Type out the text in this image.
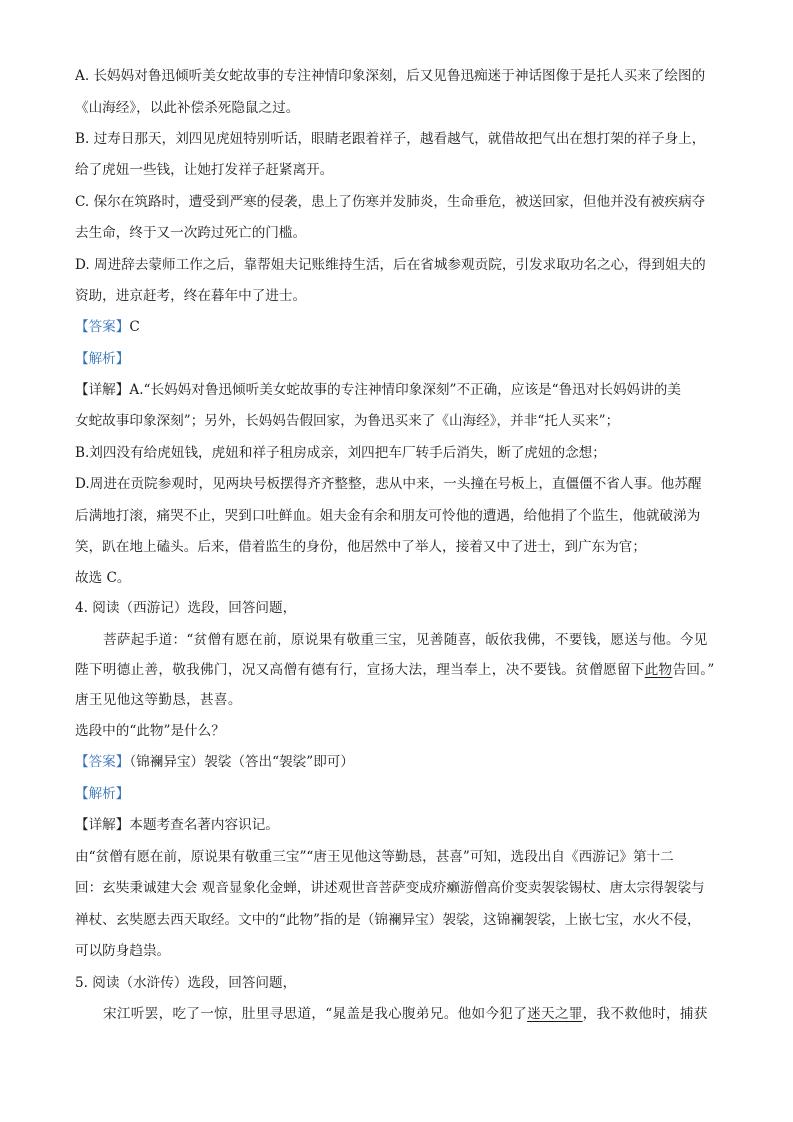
A. 长妈妈对鲁迅倾听美女蛇故事的专注神情印象深刻，后又见鲁迅痴迷于神话图像于是托人买来了绘图的
《山海经》，以此补偿杀死隐鼠之过。
B. 过寿日那天，刘四见虎妞特别听话，眼睛老跟着祥子，越看越气，就借故把气出在想打架的祥子身上，
给了虎妞一些钱，让她打发祥子赶紧离开。
C. 保尔在筑路时，遭受到严寒的侵袭，患上了伤寒并发肺炎，生命垂危，被送回家，但他并没有被疾病夺
去生命，终于又一次跨过死亡的门槛。
D. 周进辞去蒙师工作之后，靠帮姐夫记账维持生活，后在省城参观贡院，引发求取功名之心，得到姐夫的
资助，进京赶考，终在暮年中了进士。
【答案】C
【解析】
【详解】A.“长妈妈对鲁迅倾听美女蛇故事的专注神情印象深刻”不正确，应该是“鲁迅对长妈妈讲的美
女蛇故事印象深刻”；另外，长妈妈告假回家，为鲁迅买来了《山海经》，并非“托人买来”；
B.刘四没有给虎妞钱，虎妞和祥子租房成亲，刘四把车厂转手后消失，断了虎妞的念想；
D.周进在贡院参观时，见两块号板摆得齐齐整整，悲从中来，一头撞在号板上，直僵僵不省人事。他苏醒
后满地打滚，痛哭不止，哭到口吐鲜血。姐夫金有余和朋友可怜他的遭遇，给他捐了个监生，他就破涕为
笑，趴在地上磕头。后来，借着监生的身份，他居然中了举人，接着又中了进士，到广东为官；
故选 C。
4. 阅读（西游记）选段，回答问题，
菩萨起手道：“贫僧有愿在前，原说果有敬重三宝，见善随喜，皈依我佛，不要钱，愿送与他。今见
陛下明德止善，敬我佛门，况又高僧有德有行，宣扬大法，理当奉上，决不要钱。贫僧愿留下此物告回。”
唐王见他这等勤恳，甚喜。
选段中的“此物”是什么？
【答案】（锦襕异宝）袈裟（答出“袈裟”即可）
【解析】
【详解】本题考查名著内容识记。
由“贫僧有愿在前，原说果有敬重三宝”“唐王见他这等勤恳，甚喜”可知，选段出自《西游记》第十二
回：玄奘秉诚建大会 观音显象化金蝉，讲述观世音菩萨变成疥癞游僧高价变卖袈裟锡杖、唐太宗得袈裟与
禅杖、玄奘愿去西天取经。文中的“此物”指的是（锦襕异宝）袈裟，这锦襕袈裟，上嵌七宝，水火不侵，
可以防身趋祟。
5. 阅读（水浒传）选段，回答问题，
宋江听罢，吃了一惊，肚里寻思道，“晁盖是我心腹弟兄。他如今犯了迷天之罪，我不救他时，捕获
